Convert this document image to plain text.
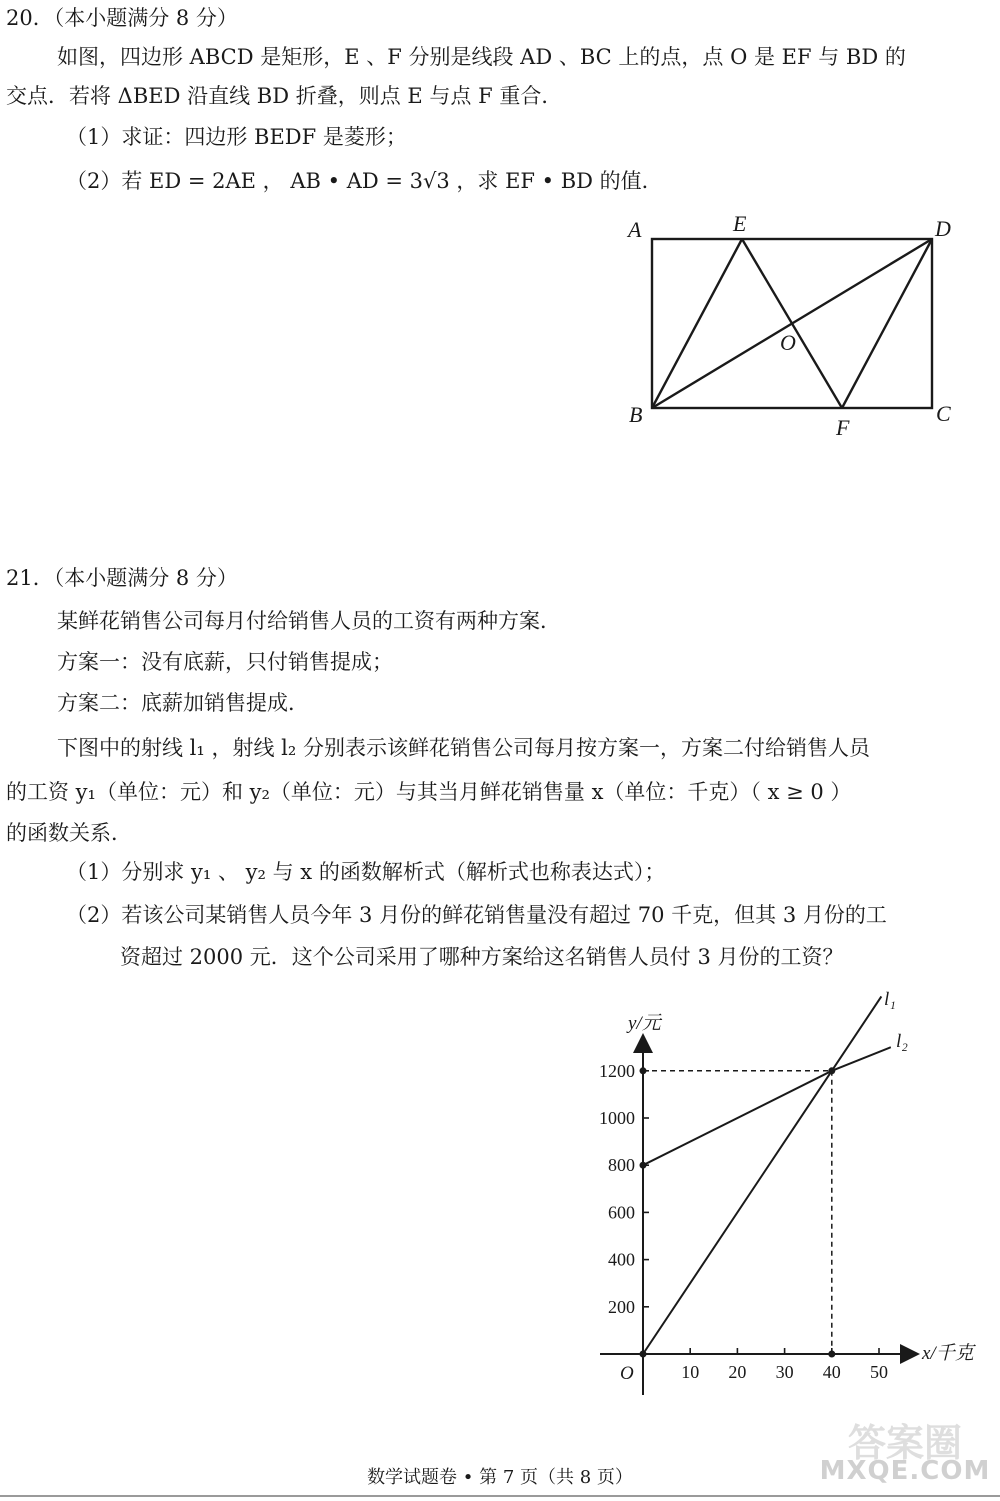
20．（本小题满分 8 分）
如图，四边形 ABCD 是矩形，E 、F 分别是线段 AD 、BC 上的点，点 O 是 EF 与 BD 的
交点．若将 ΔBED 沿直线 BD 折叠，则点 E 与点 F 重合．
（1）求证：四边形 BEDF 是菱形；
（2）若 ED = 2AE ， AB • AD = 3√3 ，求 EF • BD 的值．
A	E	D
O
B
F
C
21．（本小题满分 8 分）
某鲜花销售公司每月付给销售人员的工资有两种方案．
方案一：没有底薪，只付销售提成；
方案二：底薪加销售提成．
下图中的射线 l₁ ，射线 l₂ 分别表示该鲜花销售公司每月按方案一，方案二付给销售人员
的工资 y₁（单位：元）和 y₂（单位：元）与其当月鲜花销售量 x（单位：千克）（ x ≥ 0 ）
的函数关系．
（1）分别求 y₁ 、 y₂ 与 x 的函数解析式（解析式也称表达式）；
（2）若该公司某销售人员今年 3 月份的鲜花销售量没有超过 70 千克，但其 3 月份的工
资超过 2000 元．这个公司采用了哪种方案给这名销售人员付 3 月份的工资？
10 20 30 40 50
200
400
600
800
1000
1200
y/元
x/千克
O
l₁
l₂
数学试题卷 • 第 7 页（共 8 页）
答案圈
MXQE.COM
